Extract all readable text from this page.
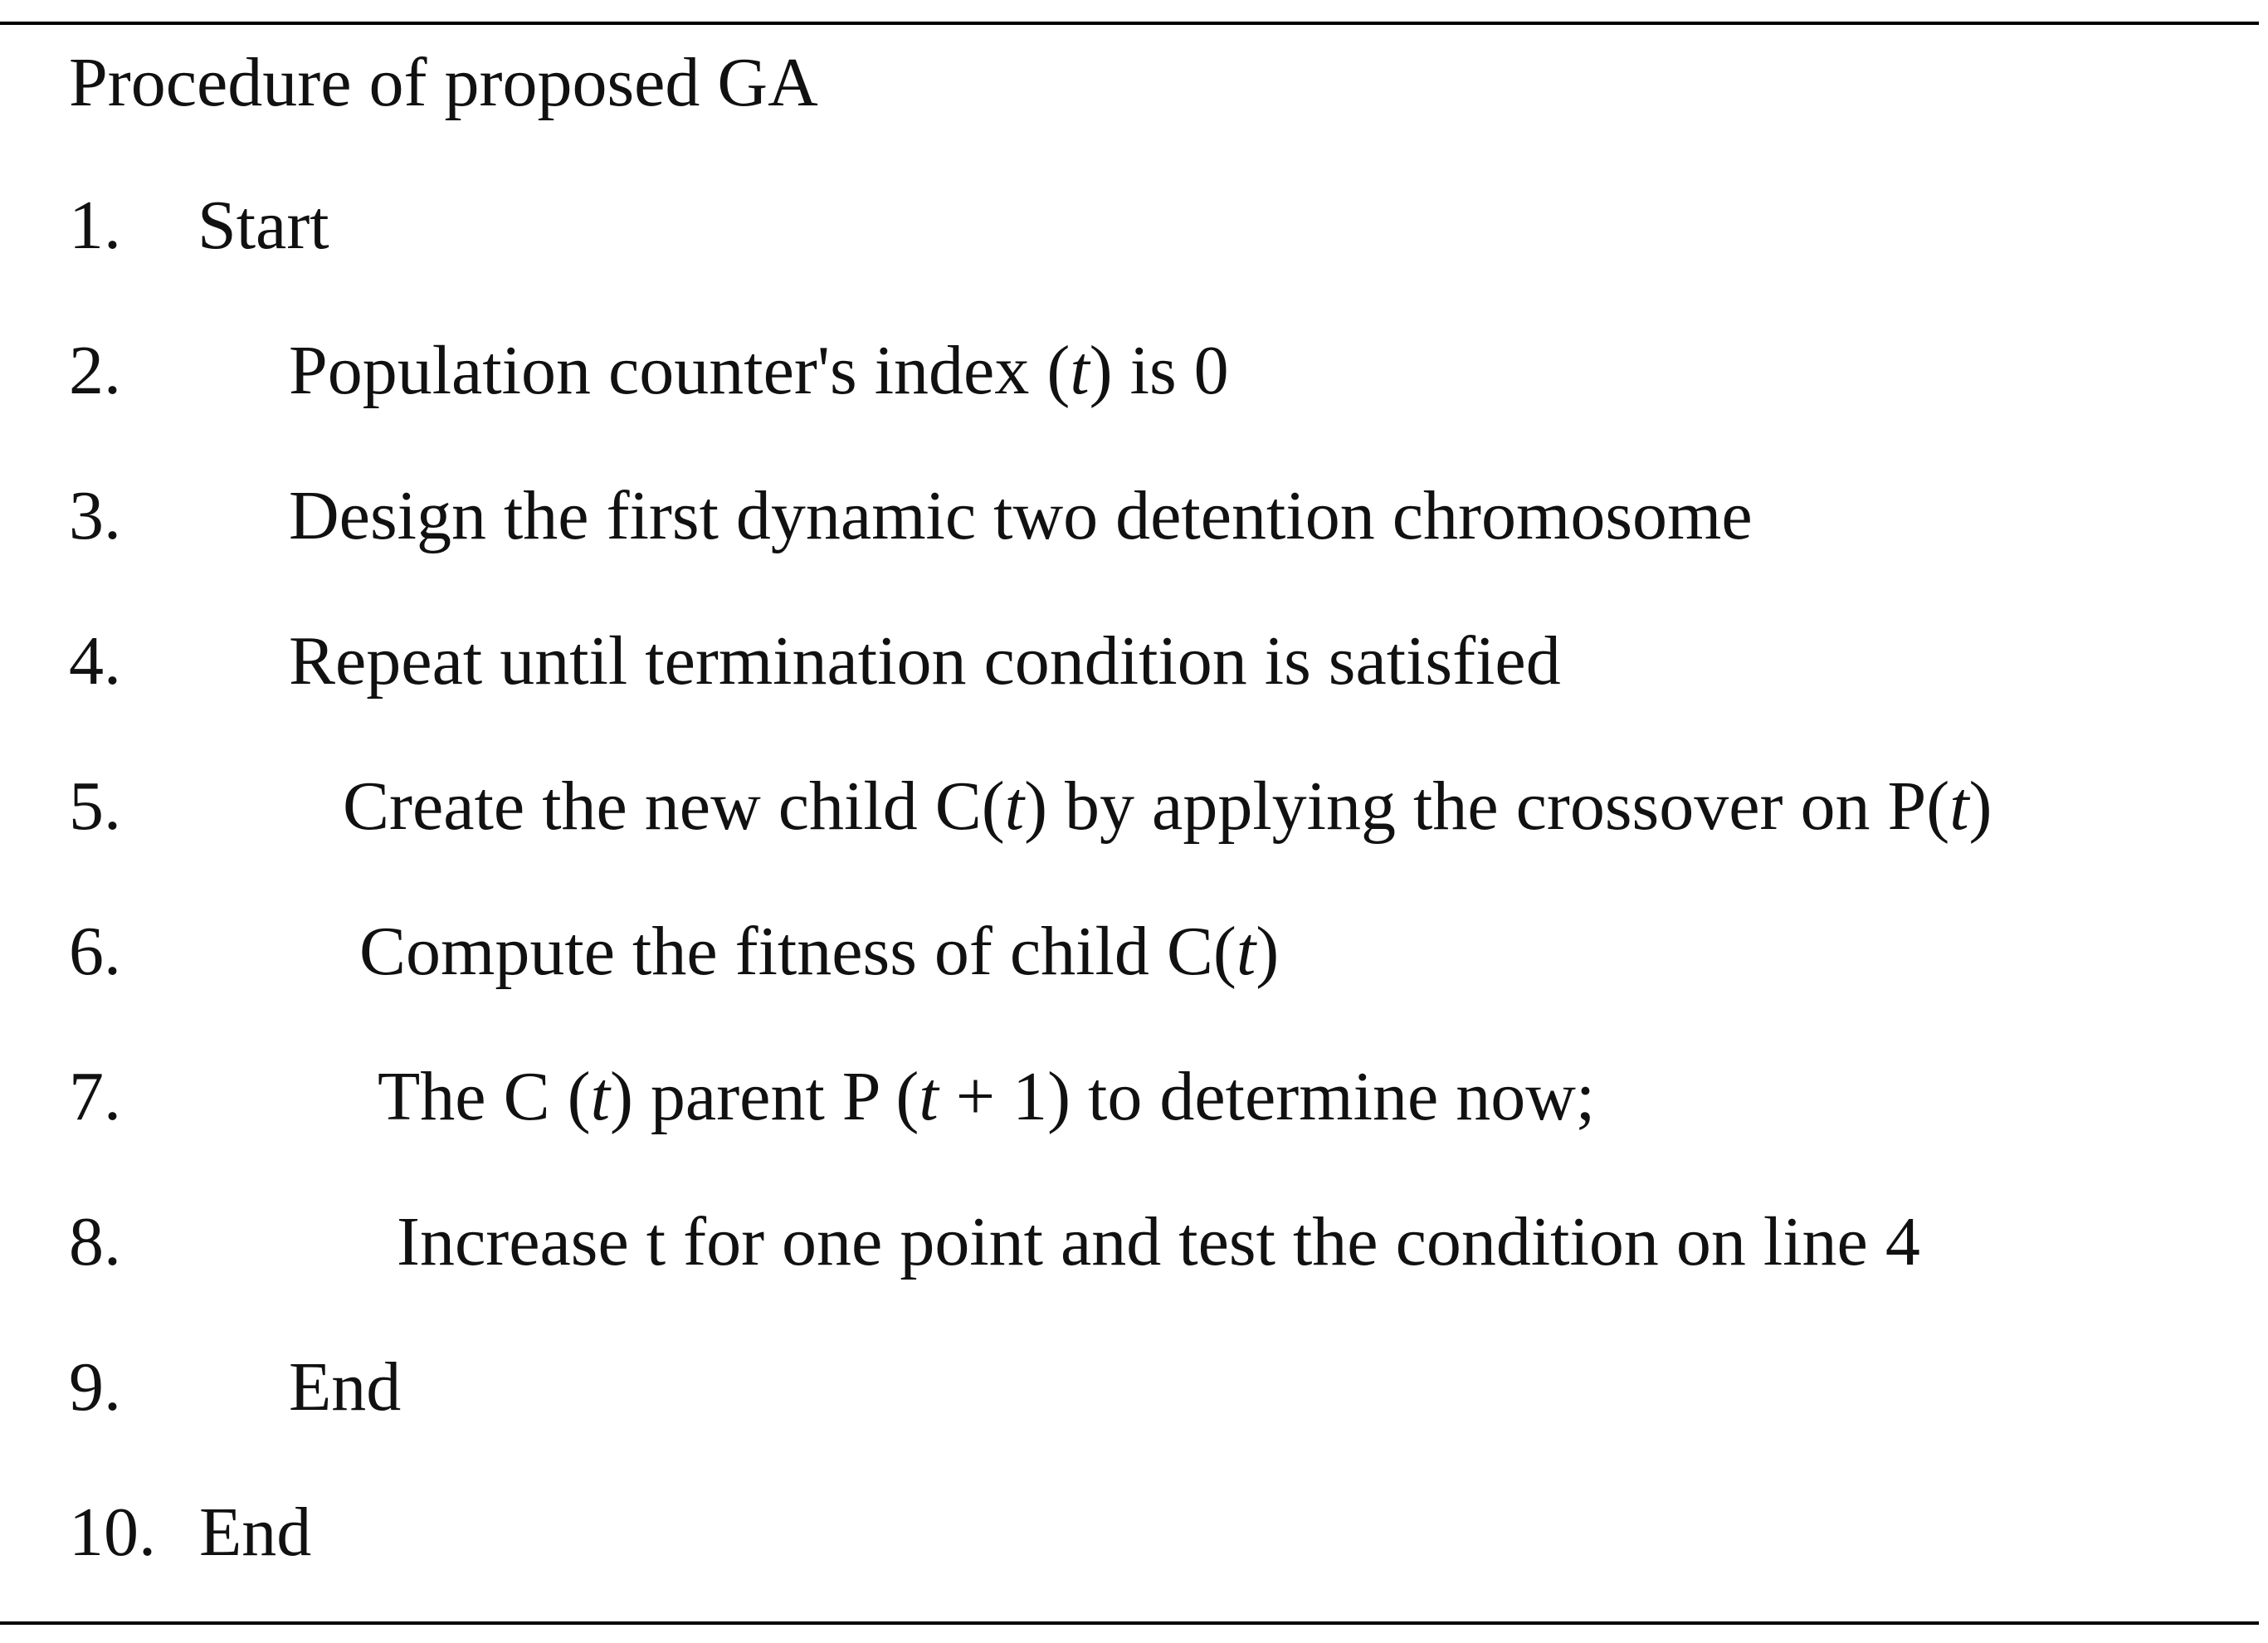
Procedure of proposed GA
1. Start
2. Population counter's index (t) is 0
3. Design the first dynamic two detention chromosome
4. Repeat until termination condition is satisfied
5.	Create the new child C(t) by applying the crossover on P(t)
6.	Compute the fitness of child C(t)
7.	The C (t) parent P (t + 1) to determine now;
8.	Increase t for one point and test the condition on line 4
9. End
10. End
